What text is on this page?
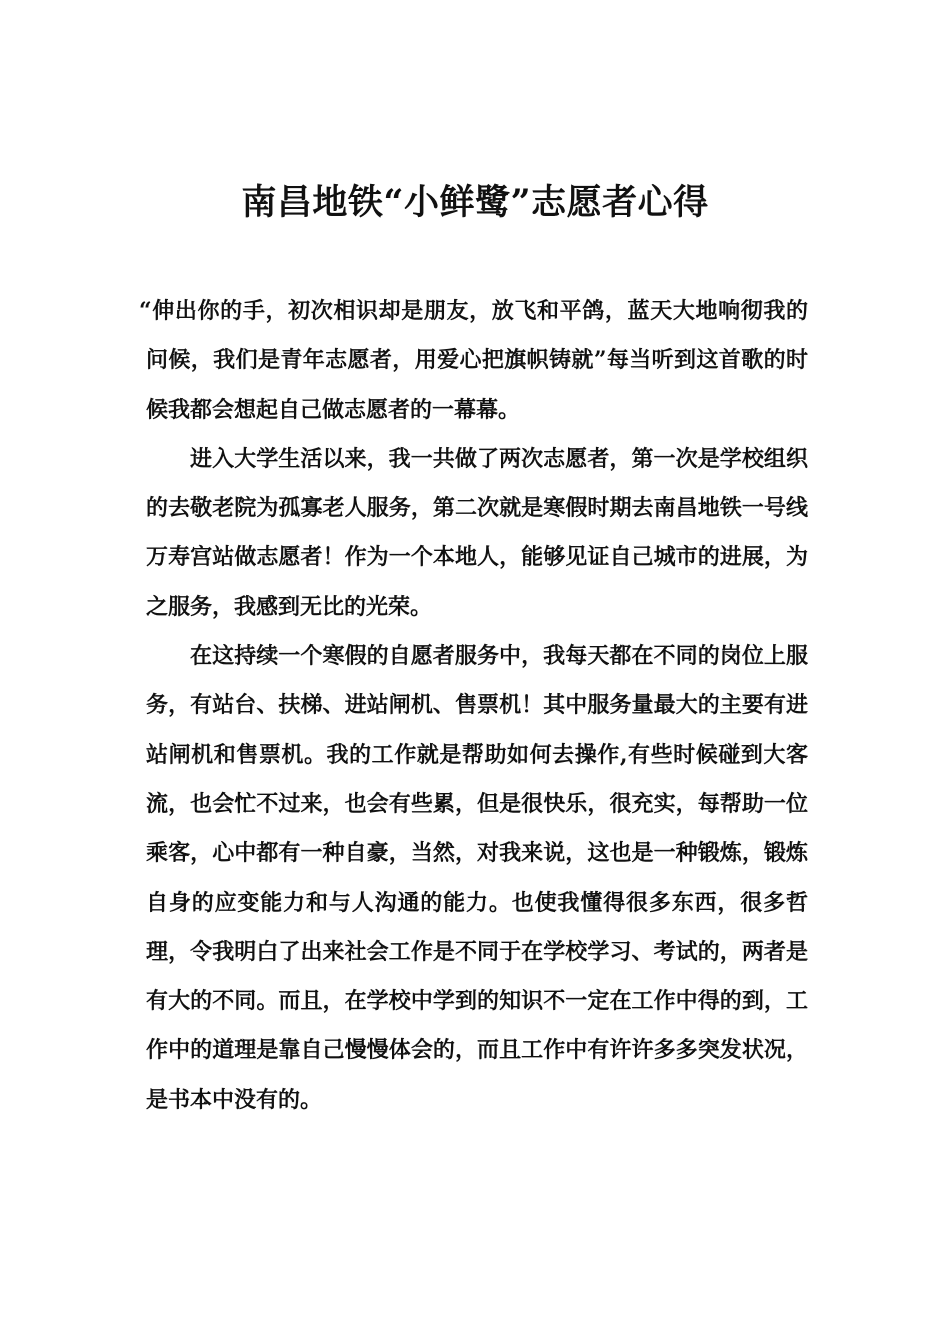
南昌地铁“小鲜鹭”志愿者心得

“伸出你的手，初次相识却是朋友，放飞和平鸽，蓝天大地响彻我的问候，我们是青年志愿者，用爱心把旗帜铸就”每当听到这首歌的时候我都会想起自己做志愿者的一幕幕。

进入大学生活以来，我一共做了两次志愿者，第一次是学校组织的去敬老院为孤寡老人服务，第二次就是寒假时期去南昌地铁一号线万寿宫站做志愿者！作为一个本地人，能够见证自己城市的进展，为之服务，我感到无比的光荣。

在这持续一个寒假的自愿者服务中，我每天都在不同的岗位上服务，有站台、扶梯、进站闸机、售票机！其中服务量最大的主要有进站闸机和售票机。我的工作就是帮助如何去操作,有些时候碰到大客流，也会忙不过来，也会有些累，但是很快乐，很充实，每帮助一位乘客，心中都有一种自豪，当然，对我来说，这也是一种锻炼，锻炼自身的应变能力和与人沟通的能力。也使我懂得很多东西，很多哲理，令我明白了出来社会工作是不同于在学校学习、考试的，两者是有大的不同。而且，在学校中学到的知识不一定在工作中得的到，工作中的道理是靠自己慢慢体会的，而且工作中有许许多多突发状况，是书本中没有的。
